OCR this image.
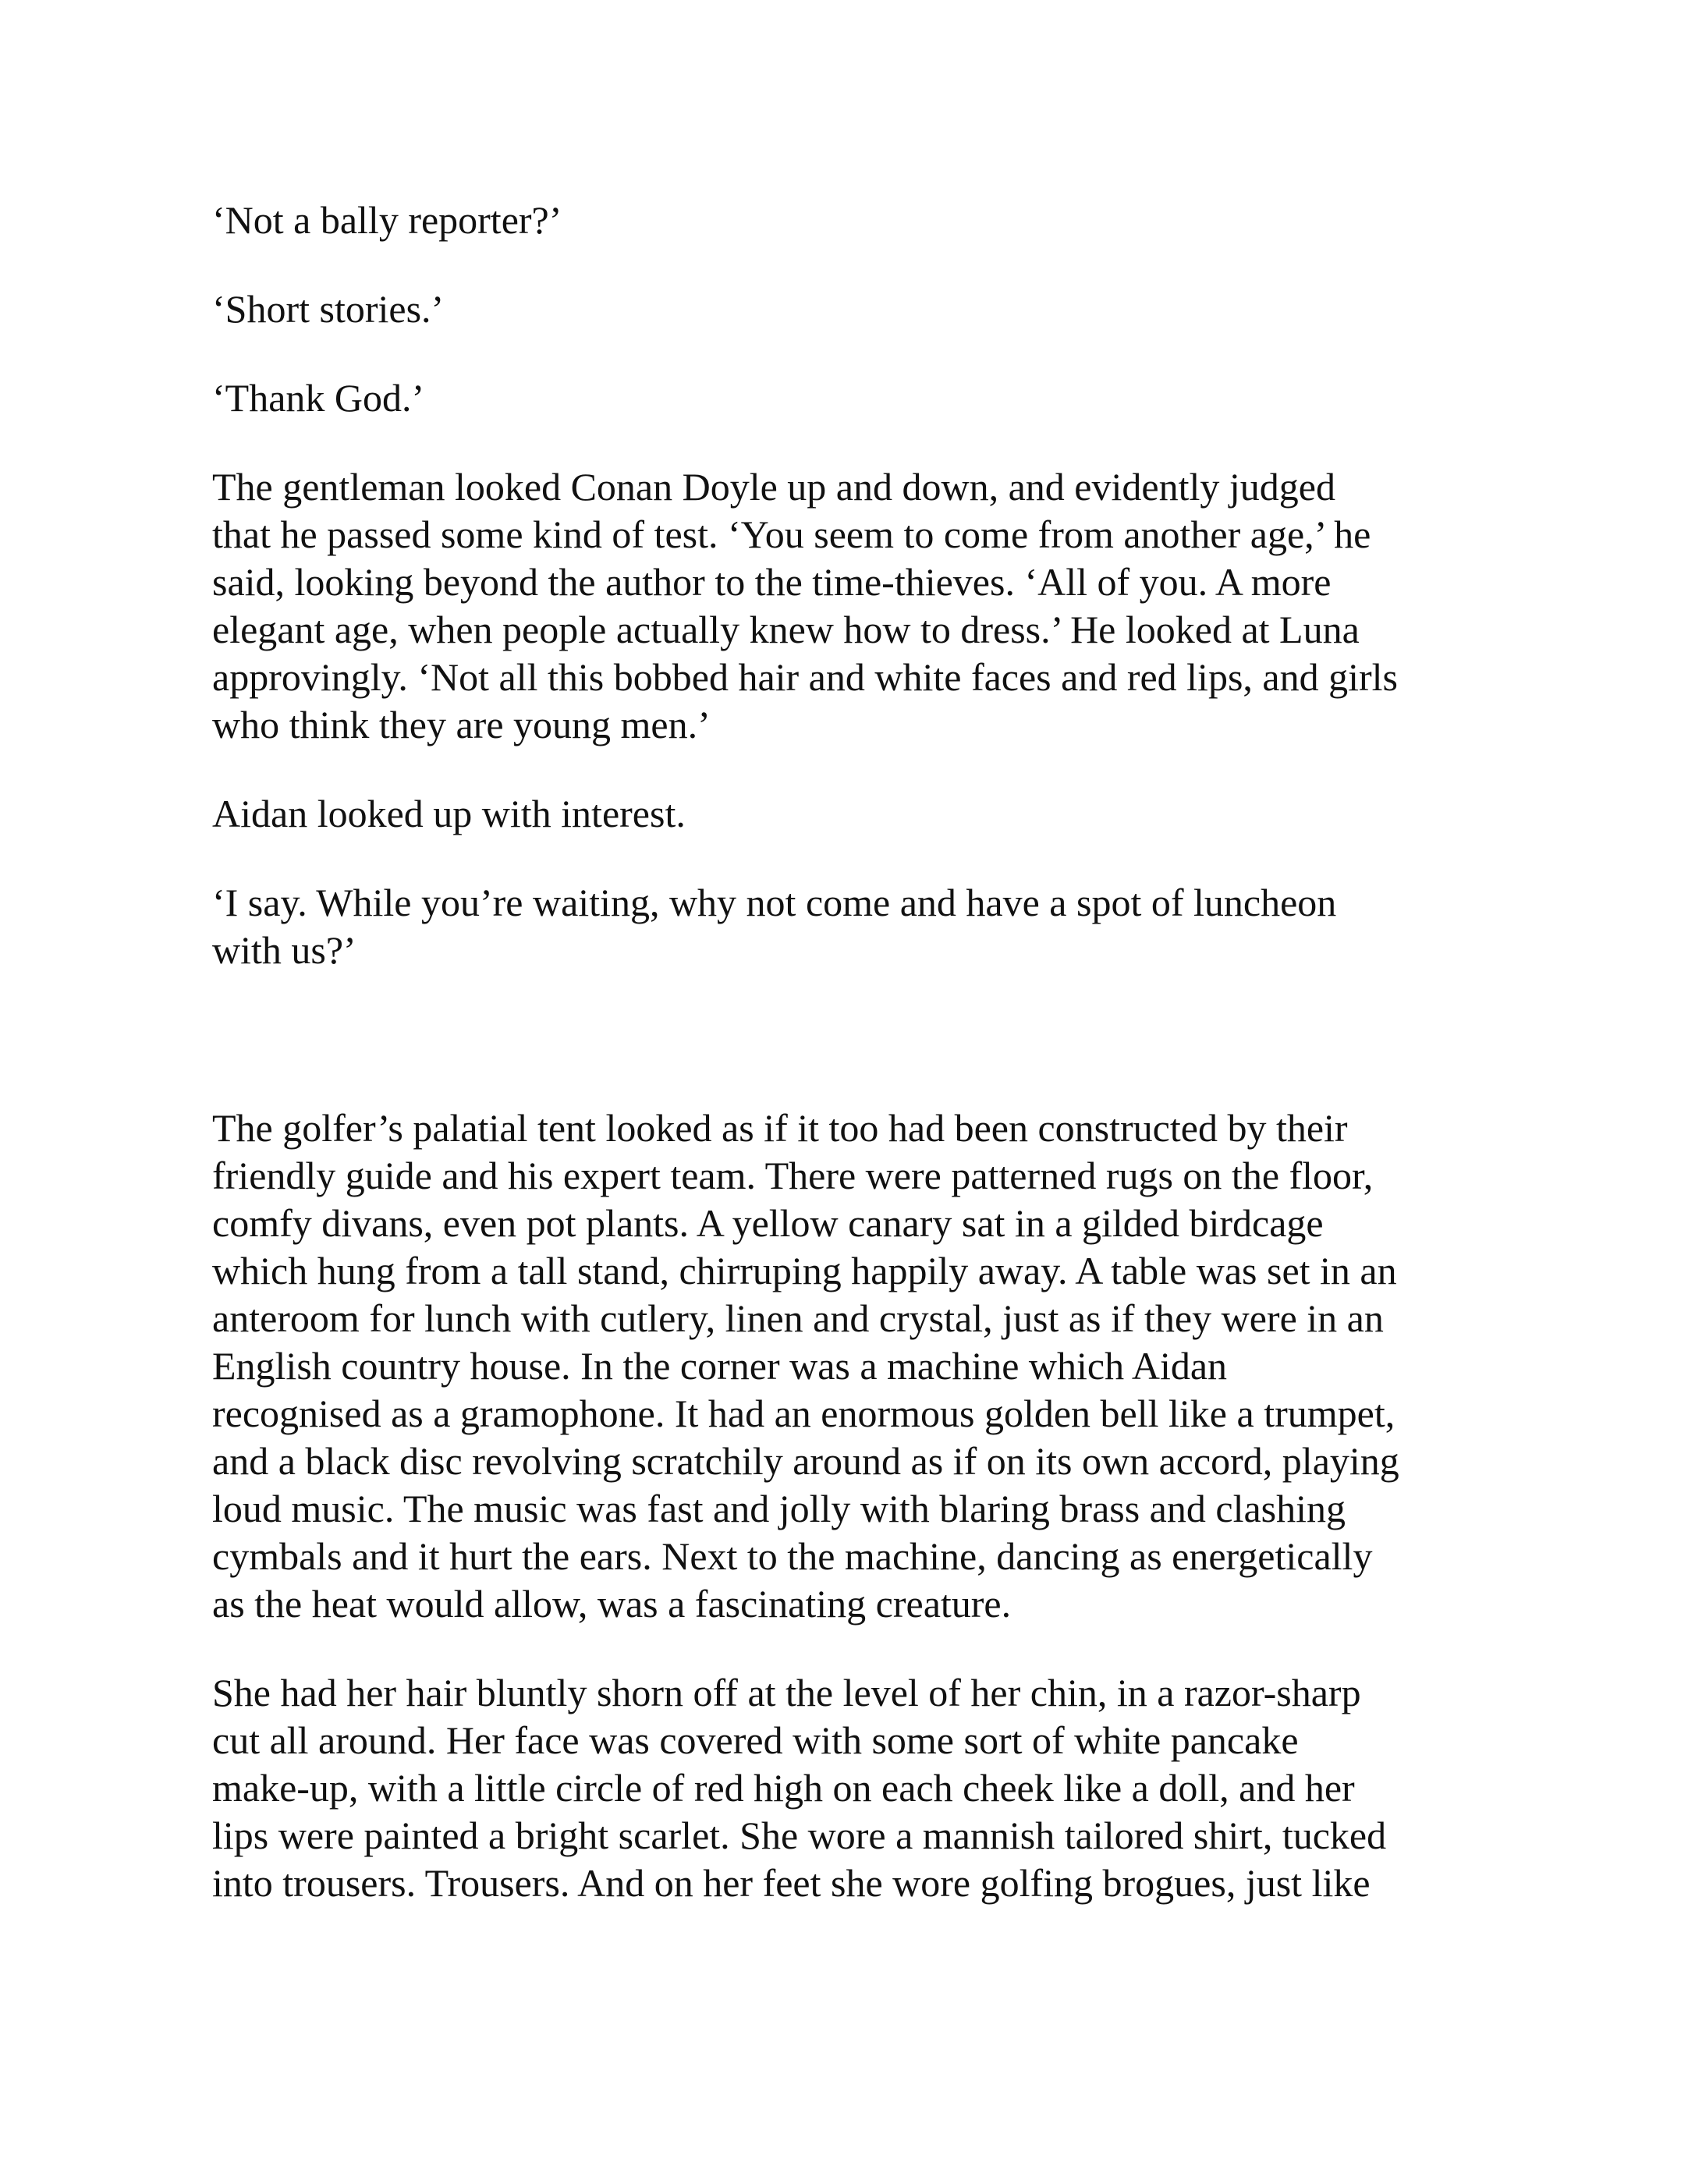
‘Not a bally reporter?’

‘Short stories.’

‘Thank God.’

The gentleman looked Conan Doyle up and down, and evidently judged
that he passed some kind of test. ‘You seem to come from another age,’ he
said, looking beyond the author to the time-thieves. ‘All of you. A more
elegant age, when people actually knew how to dress.’ He looked at Luna
approvingly. ‘Not all this bobbed hair and white faces and red lips, and girls
who think they are young men.’

Aidan looked up with interest.

‘I say. While you’re waiting, why not come and have a spot of luncheon
with us?’

The golfer’s palatial tent looked as if it too had been constructed by their
friendly guide and his expert team. There were patterned rugs on the floor,
comfy divans, even pot plants. A yellow canary sat in a gilded birdcage
which hung from a tall stand, chirruping happily away. A table was set in an
anteroom for lunch with cutlery, linen and crystal, just as if they were in an
English country house. In the corner was a machine which Aidan
recognised as a gramophone. It had an enormous golden bell like a trumpet,
and a black disc revolving scratchily around as if on its own accord, playing
loud music. The music was fast and jolly with blaring brass and clashing
cymbals and it hurt the ears. Next to the machine, dancing as energetically
as the heat would allow, was a fascinating creature.

She had her hair bluntly shorn off at the level of her chin, in a razor-sharp
cut all around. Her face was covered with some sort of white pancake
make-up, with a little circle of red high on each cheek like a doll, and her
lips were painted a bright scarlet. She wore a mannish tailored shirt, tucked
into trousers. Trousers. And on her feet she wore golfing brogues, just like
